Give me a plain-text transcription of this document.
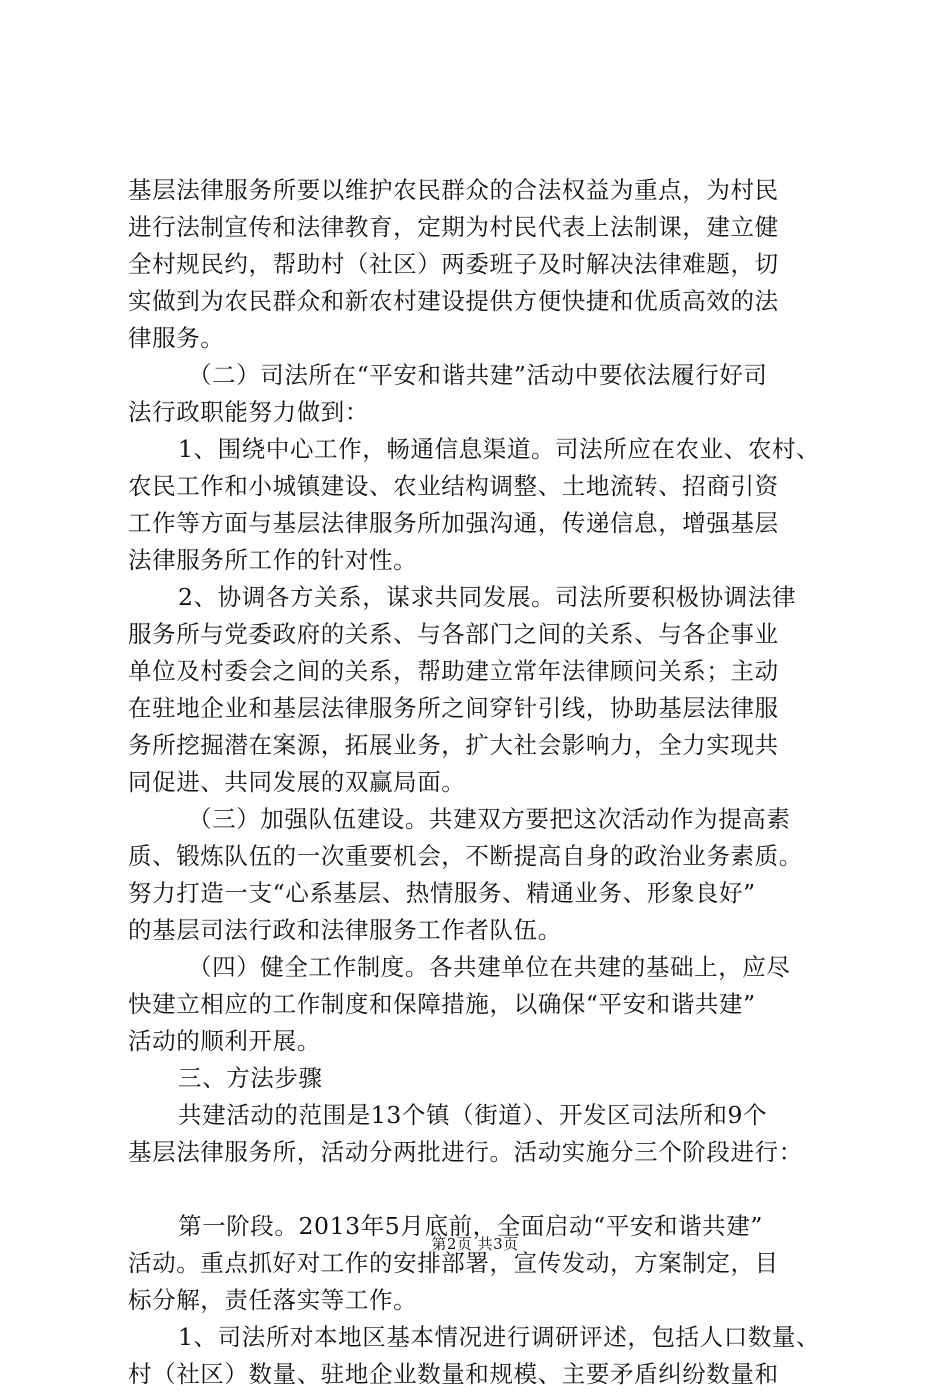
基层法律服务所要以维护农民群众的合法权益为重点，为村民
进行法制宣传和法律教育，定期为村民代表上法制课，建立健
全村规民约，帮助村（社区）两委班子及时解决法律难题，切
实做到为农民群众和新农村建设提供方便快捷和优质高效的法
律服务。
（二）司法所在“平安和谐共建”活动中要依法履行好司
法行政职能努力做到：
1、围绕中心工作，畅通信息渠道。司法所应在农业、农村、
农民工作和小城镇建设、农业结构调整、土地流转、招商引资
工作等方面与基层法律服务所加强沟通，传递信息，增强基层
法律服务所工作的针对性。
2、协调各方关系，谋求共同发展。司法所要积极协调法律
服务所与党委政府的关系、与各部门之间的关系、与各企事业
单位及村委会之间的关系，帮助建立常年法律顾问关系；主动
在驻地企业和基层法律服务所之间穿针引线，协助基层法律服
务所挖掘潜在案源，拓展业务，扩大社会影响力，全力实现共
同促进、共同发展的双赢局面。
（三）加强队伍建设。共建双方要把这次活动作为提高素
质、锻炼队伍的一次重要机会，不断提高自身的政治业务素质。
努力打造一支“心系基层、热情服务、精通业务、形象良好”
的基层司法行政和法律服务工作者队伍。
（四）健全工作制度。各共建单位在共建的基础上，应尽
快建立相应的工作制度和保障措施，以确保“平安和谐共建”
活动的顺利开展。
三、方法步骤
共建活动的范围是13个镇（街道）、开发区司法所和9个
基层法律服务所，活动分两批进行。活动实施分三个阶段进行：
第一阶段。2013年5月底前，全面启动“平安和谐共建”
活动。重点抓好对工作的安排部署，宣传发动，方案制定，目
标分解，责任落实等工作。
1、司法所对本地区基本情况进行调研评述，包括人口数量、
村（社区）数量、驻地企业数量和规模、主要矛盾纠纷数量和
第2页 共3页
